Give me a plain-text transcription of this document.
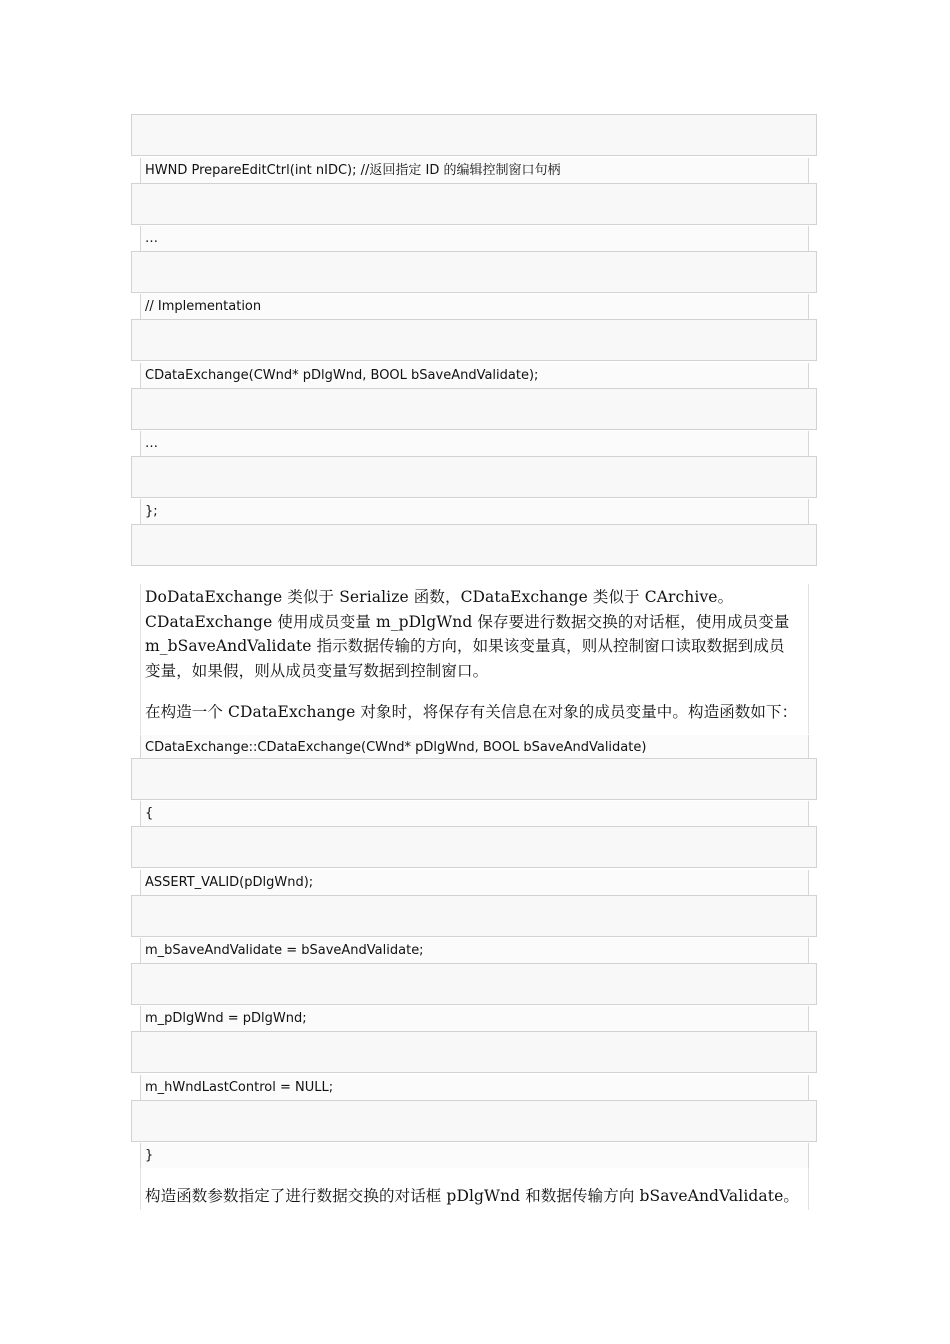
HWND PrepareEditCtrl(int nIDC); //返回指定 ID 的编辑控制窗口句柄
…
// Implementation
CDataExchange(CWnd* pDlgWnd, BOOL bSaveAndValidate);
…
};

DoDataExchange 类似于 Serialize 函数，CDataExchange 类似于 CArchive。

CDataExchange 使用成员变量 m_pDlgWnd 保存要进行数据交换的对话框，使用成员变量

m_bSaveAndValidate 指示数据传输的方向，如果该变量真，则从控制窗口读取数据到成员

变量，如果假，则从成员变量写数据到控制窗口。

在构造一个 CDataExchange 对象时，将保存有关信息在对象的成员变量中。构造函数如下：

CDataExchange::CDataExchange(CWnd* pDlgWnd, BOOL bSaveAndValidate)
{
ASSERT_VALID(pDlgWnd);
m_bSaveAndValidate = bSaveAndValidate;
m_pDlgWnd = pDlgWnd;
m_hWndLastControl = NULL;
}

构造函数参数指定了进行数据交换的对话框 pDlgWnd 和数据传输方向 bSaveAndValidate。
